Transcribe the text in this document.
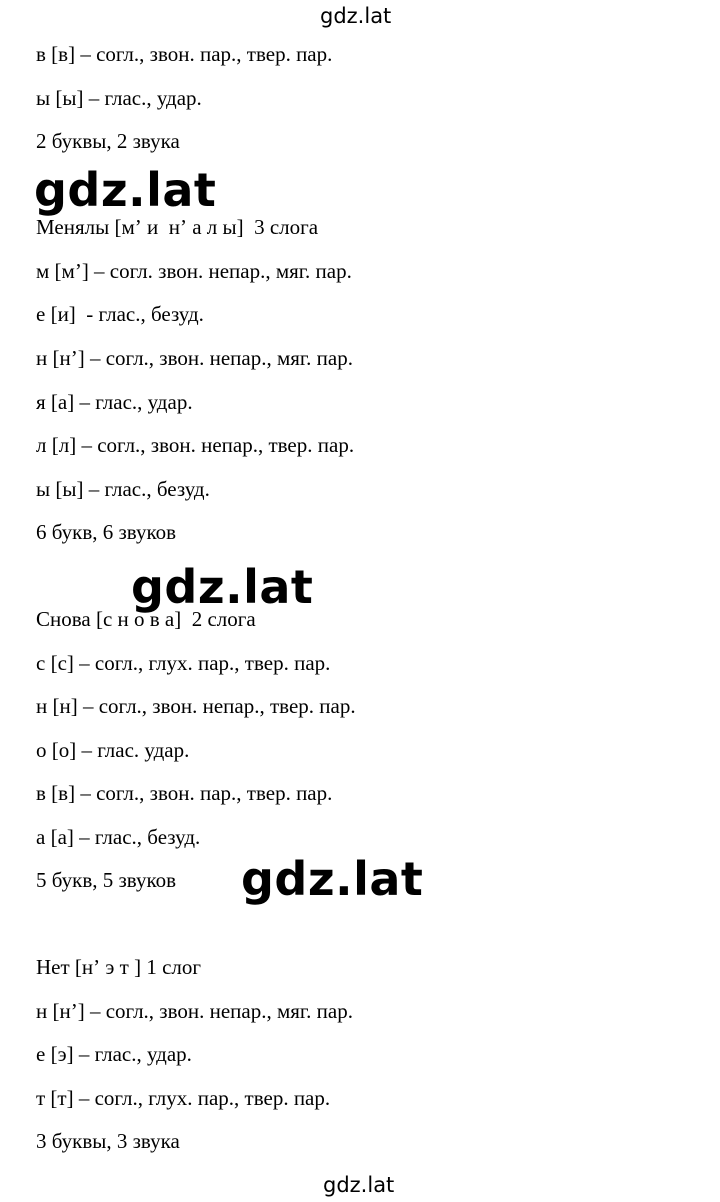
gdz.lat
в [в] – согл., звон. пар., твер. пар.
ы [ы] – глас., удар.
2 буквы, 2 звука
gdz.lat
Менялы [мʼ и  нʼ а л ы]  3 слога
м [мʼ] – согл. звон. непар., мяг. пар.
е [и]  - глас., безуд.
н [нʼ] – согл., звон. непар., мяг. пар.
я [а] – глас., удар.
л [л] – согл., звон. непар., твер. пар.
ы [ы] – глас., безуд.
6 букв, 6 звуков
gdz.lat
Снова [с н о в а]  2 слога
с [с] – согл., глух. пар., твер. пар.
н [н] – согл., звон. непар., твер. пар.
о [о] – глас. удар.
в [в] – согл., звон. пар., твер. пар.
а [а] – глас., безуд.
5 букв, 5 звуков gdz.lat
Нет [нʼ э т ] 1 слог
н [нʼ] – согл., звон. непар., мяг. пар.
е [э] – глас., удар.
т [т] – согл., глух. пар., твер. пар.
3 буквы, 3 звука
gdz.lat
